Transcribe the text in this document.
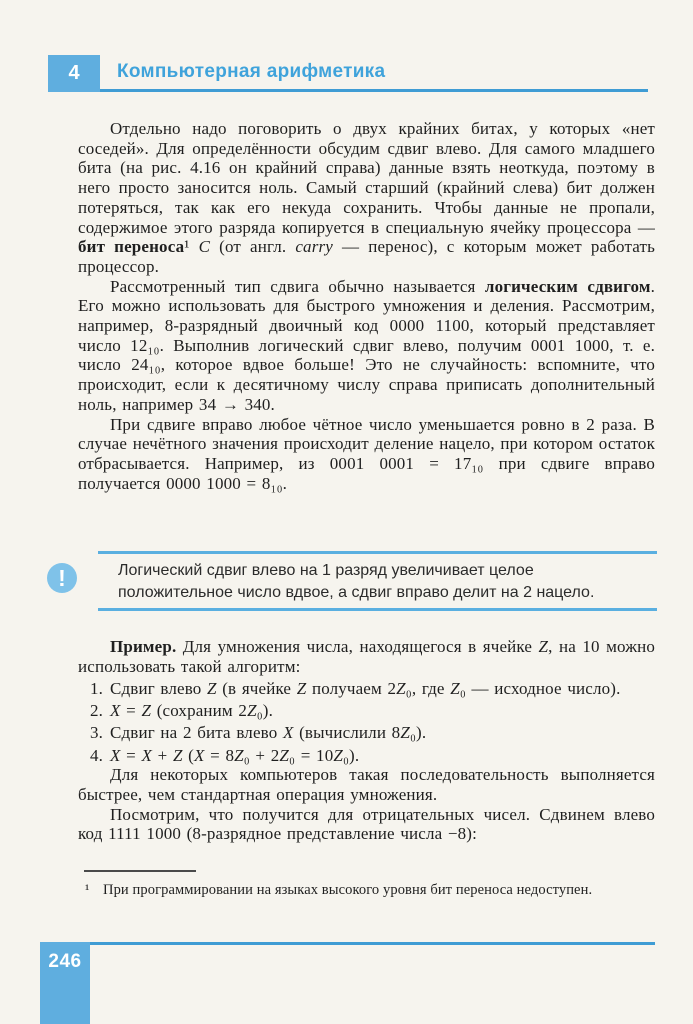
4 Компьютерная арифметика

Отдельно надо поговорить о двух крайних битах, у которых «нет соседей». Для определённости обсудим сдвиг влево. Для самого младшего бита (на рис. 4.16 он крайний справа) данные взять неоткуда, поэтому в него просто заносится ноль. Самый старший (крайний слева) бит должен потеряться, так как его некуда сохранить. Чтобы данные не пропали, содержимое этого разряда копируется в специальную ячейку процессора — бит переноса¹ C (от англ. carry — перенос), с которым может работать процессор.

Рассмотренный тип сдвига обычно называется логическим сдвигом. Его можно использовать для быстрого умножения и деления. Рассмотрим, например, 8-разрядный двоичный код 0000 1100, который представляет число 12₁₀. Выполнив логический сдвиг влево, получим 0001 1000, т. е. число 24₁₀, которое вдвое больше! Это не случайность: вспомните, что происходит, если к десятичному числу справа приписать дополнительный ноль, например 34 → 340.

При сдвиге вправо любое чётное число уменьшается ровно в 2 раза. В случае нечётного значения происходит деление нацело, при котором остаток отбрасывается. Например, из 0001 0001 = 17₁₀ при сдвиге вправо получается 0000 1000 = 8₁₀.

!	Логический сдвиг влево на 1 разряд увеличивает целое положительное число вдвое, а сдвиг вправо делит на 2 нацело.

Пример. Для умножения числа, находящегося в ячейке Z, на 10 можно использовать такой алгоритм:

1. Сдвиг влево Z (в ячейке Z получаем 2Z₀, где Z₀ — исходное число).

2. X = Z (сохраним 2Z₀).

3. Сдвиг на 2 бита влево X (вычислили 8Z₀).

4. X = X + Z (X = 8Z₀ + 2Z₀ = 10Z₀).

Для некоторых компьютеров такая последовательность выполняется быстрее, чем стандартная операция умножения.

Посмотрим, что получится для отрицательных чисел. Сдвинем влево код 1111 1000 (8-разрядное представление числа −8):

¹ При программировании на языках высокого уровня бит переноса недоступен.

246
